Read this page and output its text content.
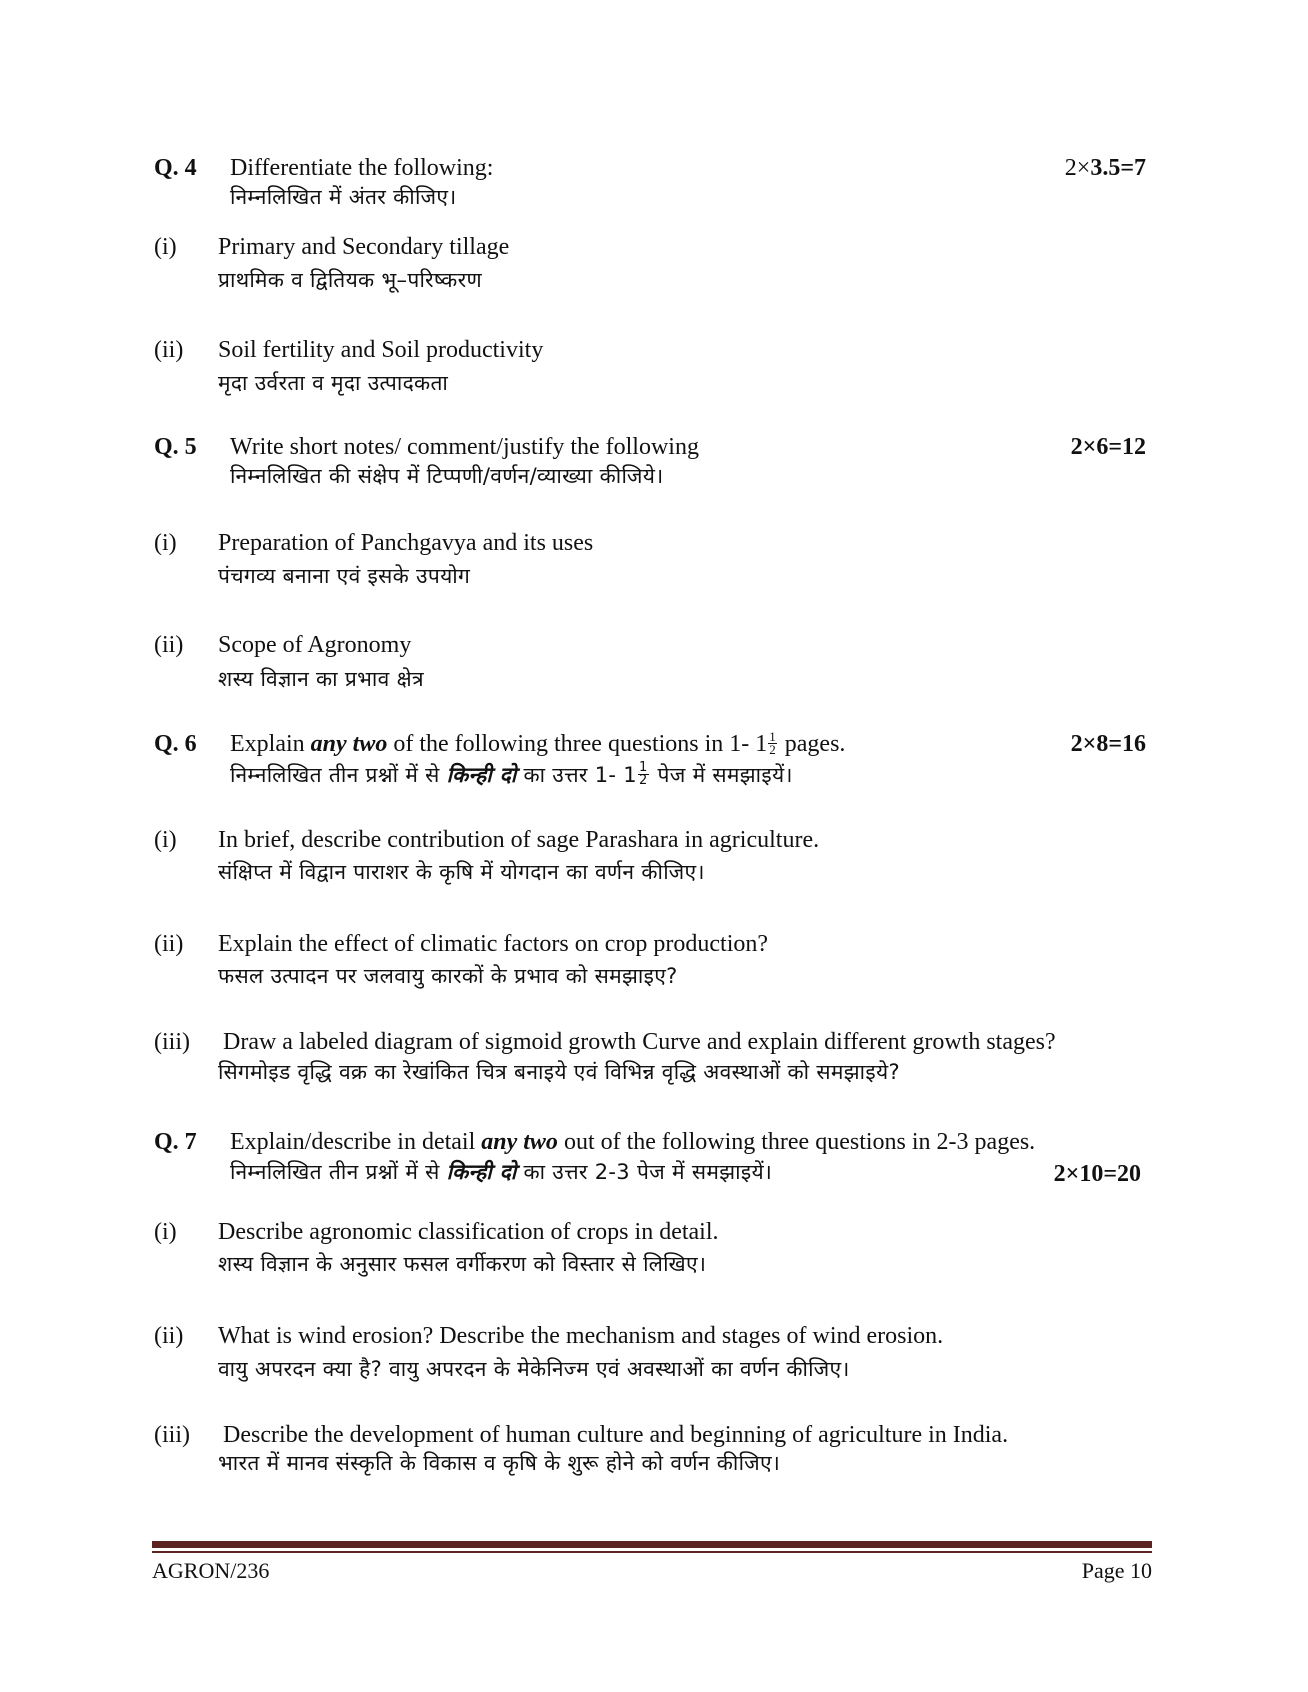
Q. 4 Differentiate the following:	2×3.5=7
निम्नलिखित में अंतर कीजिए।
(i) Primary and Secondary tillage
प्राथमिक व द्वितियक भू–परिष्करण
(ii) Soil fertility and Soil productivity
मृदा उर्वरता व मृदा उत्पादकता
Q. 5 Write short notes/ comment/justify the following	2×6=12
निम्नलिखित की संक्षेप में टिप्पणी/वर्णन/व्याख्या कीजिये।
(i) Preparation of Panchgavya and its uses
पंचगव्य बनाना एवं इसके उपयोग
(ii) Scope of Agronomy
शस्य विज्ञान का प्रभाव क्षेत्र
Q. 6 Explain any two of the following three questions in 1- $1 \frac{1}{2}$ pages.	2×8=16
निम्नलिखित तीन प्रश्नों में से किन्ही दो का उत्तर 1- $1 \frac{1}{2}$ पेज में समझाइयें।
(i) In brief, describe contribution of sage Parashara in agriculture.
संक्षिप्त में विद्वान पाराशर के कृषि में योगदान का वर्णन कीजिए।
(ii) Explain the effect of climatic factors on crop production?
फसल उत्पादन पर जलवायु कारकों के प्रभाव को समझाइए?
(iii) Draw a labeled diagram of sigmoid growth Curve and explain different growth stages?
सिगमोइड वृद्धि वक्र का रेखांकित चित्र बनाइये एवं विभिन्न वृद्धि अवस्थाओं को समझाइये?
Q. 7 Explain/describe in detail any two out of the following three questions in 2-3 pages.
निम्नलिखित तीन प्रश्नों में से किन्ही दो का उत्तर 2-3 पेज में समझाइयें।	2×10=20
(i) Describe agronomic classification of crops in detail.
शस्य विज्ञान के अनुसार फसल वर्गीकरण को विस्तार से लिखिए।
(ii) What is wind erosion? Describe the mechanism and stages of wind erosion.
वायु अपरदन क्या है? वायु अपरदन के मेकेनिज्म एवं अवस्थाओं का वर्णन कीजिए।
(iii) Describe the development of human culture and beginning of agriculture in India.
भारत में मानव संस्कृति के विकास व कृषि के शुरू होने को वर्णन कीजिए।
AGRON/236	Page 10
